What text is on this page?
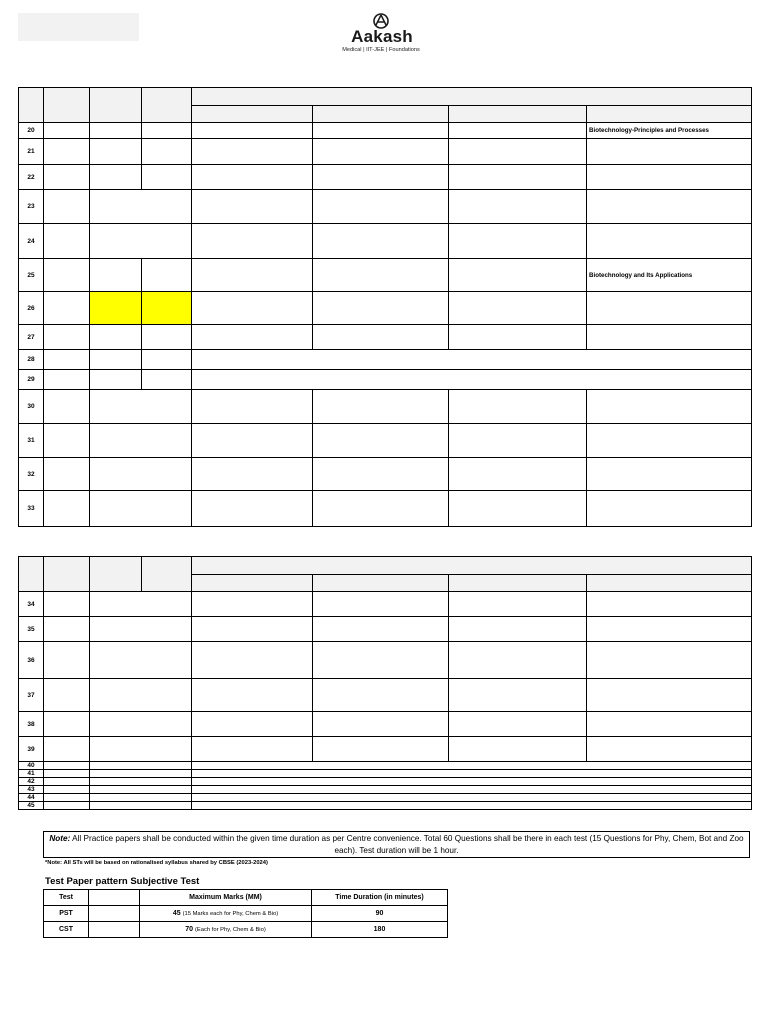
Aakash
Medical | IIT-JEE | Foundations

20							Biotechnology-Principles and Processes
21							
22							
23							
24							
25							Biotechnology and Its Applications
26							
27							
28							
29							
30							
31							
32							
33							

34							
35							
36							
37							
38							
39							
40							
41							
42							
43							
44							
45							
Note: All Practice papers shall be conducted within the given time duration as per Centre convenience. Total 60 Questions shall be there in each test (15 Questions for Phy, Chem, Bot and Zoo each). Test duration will be 1 hour.
*Note: All STs will be based on rationalised syllabus shared by CBSE (2023-2024)
Test Paper pattern Subjective Test
Test		Maximum Marks (MM)	Time Duration (in minutes)
PST		45 (15 Marks each for Phy, Chem & Bio)	90
CST		70 (Each for Phy, Chem & Bio)	180
